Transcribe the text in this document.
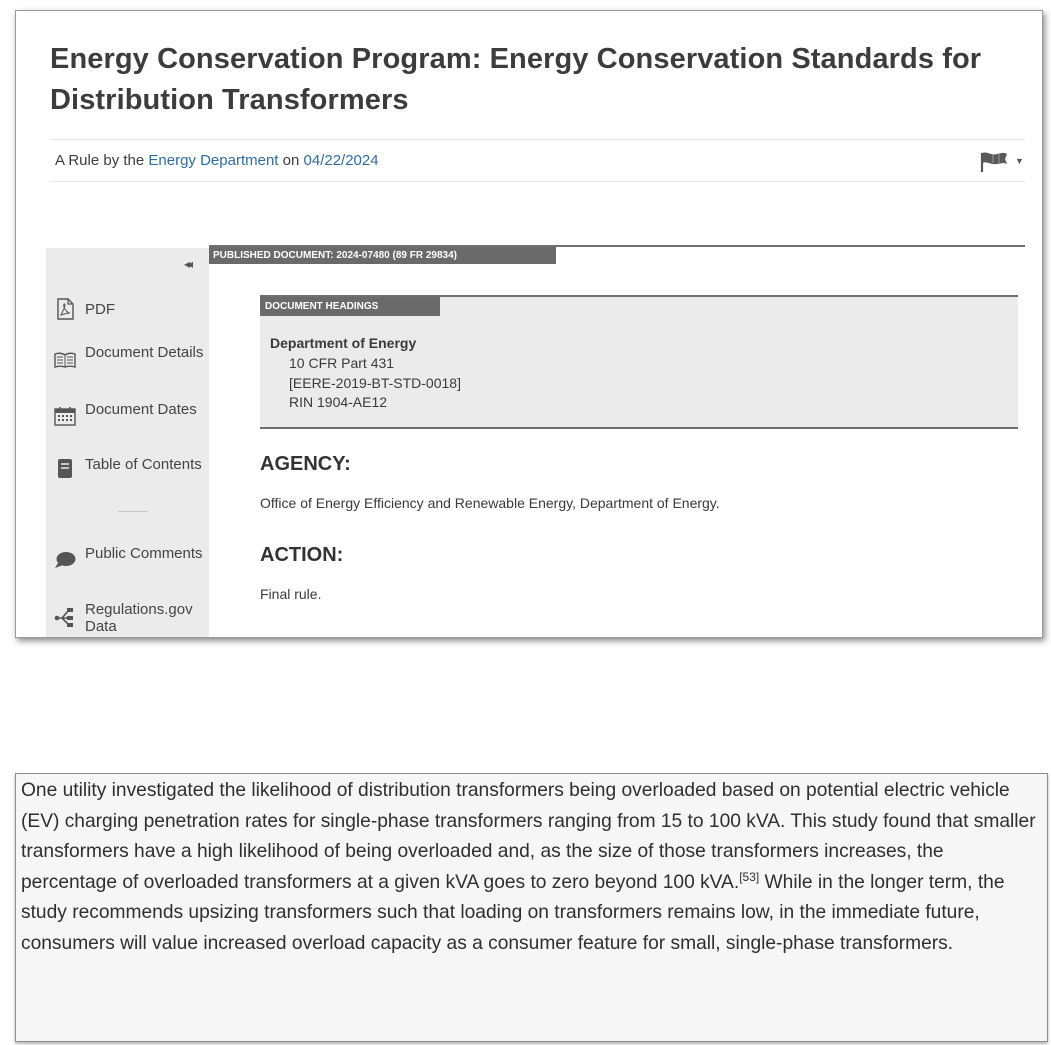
Energy Conservation Program: Energy Conservation Standards for Distribution Transformers
A Rule by the Energy Department on 04/22/2024	▼
◂◂
PDF
Document Details
Document Dates
Table of Contents
Public Comments
Regulations.gov Data
PUBLISHED DOCUMENT: 2024-07480 (89 FR 29834)
DOCUMENT HEADINGS
Department of Energy
10 CFR Part 431
[EERE-2019-BT-STD-0018]
RIN 1904-AE12
AGENCY:
Office of Energy Efficiency and Renewable Energy, Department of Energy.
ACTION:
Final rule.

One utility investigated the likelihood of distribution transformers being overloaded based on potential electric vehicle (EV) charging penetration rates for single-phase transformers ranging from 15 to 100 kVA. This study found that smaller transformers have a high likelihood of being overloaded and, as the size of those transformers increases, the percentage of overloaded transformers at a given kVA goes to zero beyond 100 kVA.[53] While in the longer term, the study recommends upsizing transformers such that loading on transformers remains low, in the immediate future, consumers will value increased overload capacity as a consumer feature for small, single-phase transformers.
